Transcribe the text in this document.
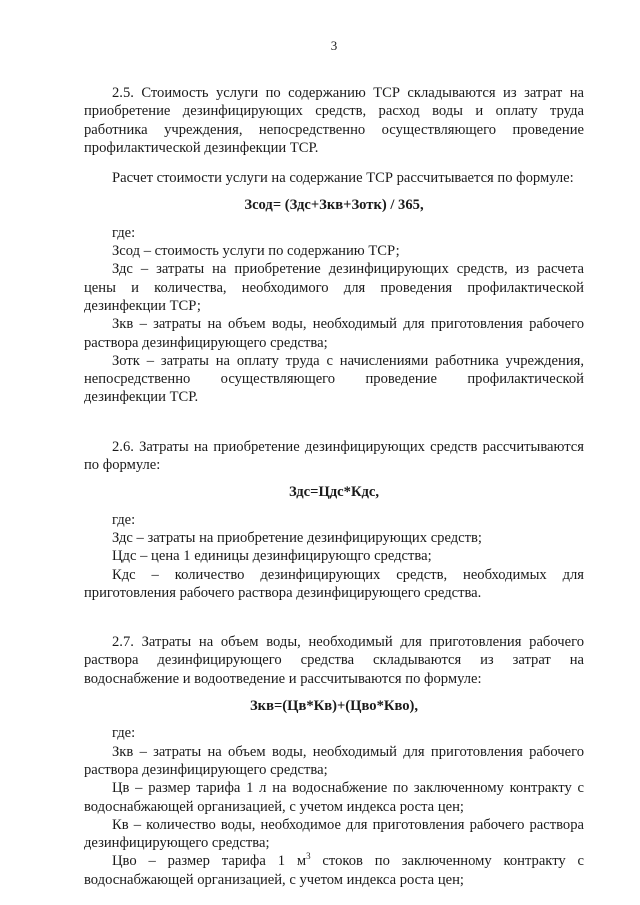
3

2.5. Стоимость услуги по содержанию ТСР складываются из затрат на приобретение дезинфицирующих средств, расход воды и оплату труда работника учреждения, непосредственно осуществляющего проведение профилактической дезинфекции ТСР.

Расчет стоимости услуги на содержание ТСР рассчитывается по формуле:

Зсод= (Здс+Зкв+Зотк) / 365,

где:

Зсод – стоимость услуги по содержанию ТСР;

Здс – затраты на приобретение дезинфицирующих средств, из расчета цены и количества, необходимого для проведения профилактической дезинфекции ТСР;

Зкв – затраты на объем воды, необходимый для приготовления рабочего раствора дезинфицирующего средства;

Зотк – затраты на оплату труда с начислениями работника учреждения, непосредственно осуществляющего проведение профилактической дезинфекции ТСР.

2.6. Затраты на приобретение дезинфицирующих средств рассчитываются по формуле:

Здс=Цдс*Кдс,

где:

Здс – затраты на приобретение дезинфицирующих средств;

Цдс – цена 1 единицы дезинфицирующго средства;

Кдс – количество дезинфицирующих средств, необходимых для приготовления рабочего раствора дезинфицирующего средства.

2.7. Затраты на объем воды, необходимый для приготовления рабочего раствора дезинфицирующего средства складываются из затрат на водоснабжение и водоотведение и рассчитываются по формуле:

Зкв=(Цв*Кв)+(Цво*Кво),

где:

Зкв – затраты на объем воды, необходимый для приготовления рабочего раствора дезинфицирующего средства;

Цв – размер тарифа 1 л на водоснабжение по заключенному контракту с водоснабжающей организацией, с учетом индекса роста цен;

Кв – количество воды, необходимое для приготовления рабочего раствора дезинфицирующего средства;

Цво – размер тарифа 1 $м^3$ стоков по заключенному контракту с водоснабжающей организацией, с учетом индекса роста цен;
